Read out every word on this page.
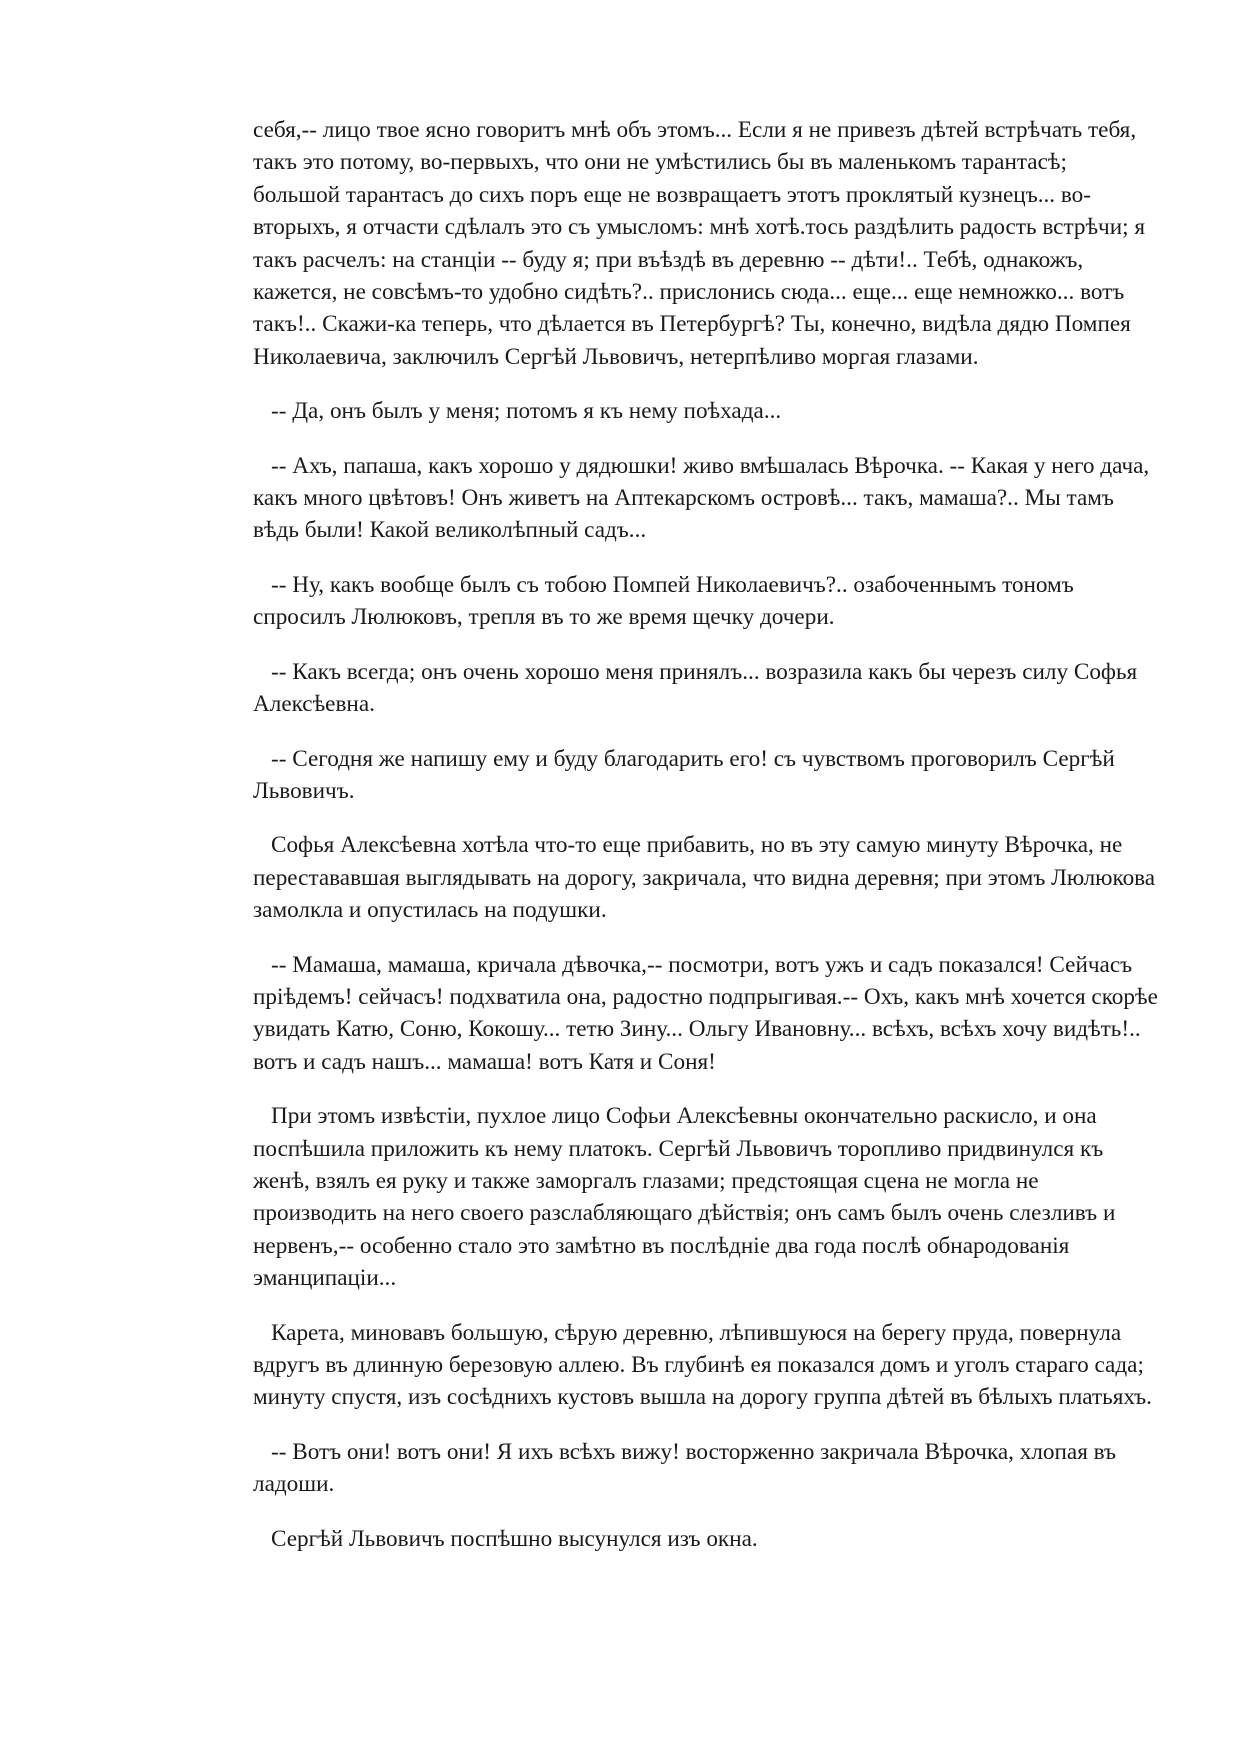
себя,-- лицо твое ясно говоритъ мнѣ объ этомъ... Если я не привезъ дѣтей встрѣчать тебя, такъ это потому, во-первыхъ, что они не умѣстились бы въ маленькомъ тарантасѣ; большой тарантасъ до сихъ поръ еще не возвращаетъ этотъ проклятый кузнецъ... во-вторыхъ, я отчасти сдѣлалъ это съ умысломъ: мнѣ хотѣ.тось раздѣлить радость встрѣчи; я такъ расчелъ: на станціи -- буду я; при въѣздѣ въ деревню -- дѣти!.. Тебѣ, однакожъ, кажется, не совсѣмъ-то удобно сидѣть?.. прислонись сюда... еще... еще немножко... вотъ такъ!.. Скажи-ка теперь, что дѣлается въ Петербургѣ? Ты, конечно, видѣла дядю Помпея Николаевича, заключилъ Сергѣй Львовичъ, нетерпѣливо моргая глазами.

-- Да, онъ былъ у меня; потомъ я къ нему поѣхада...

-- Ахъ, папаша, какъ хорошо у дядюшки! живо вмѣшалась Вѣрочка. -- Какая у него дача, какъ много цвѣтовъ! Онъ живетъ на Аптекарскомъ островѣ... такъ, мамаша?.. Мы тамъ вѣдь были! Какой великолѣпный садъ...

-- Ну, какъ вообще былъ съ тобою Помпей Николаевичъ?.. озабоченнымъ тономъ спросилъ Люлюковъ, трепля въ то же время щечку дочери.

-- Какъ всегда; онъ очень хорошо меня принялъ... возразила какъ бы черезъ силу Софья Алексѣевна.

-- Сегодня же напишу ему и буду благодарить его! съ чувствомъ проговорилъ Сергѣй Львовичъ.

Софья Алексѣевна хотѣла что-то еще прибавить, но въ эту самую минуту Вѣрочка, не перестававшая выглядывать на дорогу, закричала, что видна деревня; при этомъ Люлюкова замолкла и опустилась на подушки.

-- Мамаша, мамаша, кричала дѣвочка,-- посмотри, вотъ ужъ и садъ показался! Сейчасъ пріѣдемъ! сейчасъ! подхватила она, радостно подпрыгивая.-- Охъ, какъ мнѣ хочется скорѣе увидать Катю, Соню, Кокошу... тетю Зину... Ольгу Ивановну... всѣхъ, всѣхъ хочу видѣть!.. вотъ и садъ нашъ... мамаша! вотъ Катя и Соня!

При этомъ извѣстіи, пухлое лицо Софьи Алексѣевны окончательно раскисло, и она поспѣшила приложить къ нему платокъ. Сергѣй Львовичъ торопливо придвинулся къ женѣ, взялъ ея руку и также заморгалъ глазами; предстоящая сцена не могла не производить на него своего разслабляющаго дѣйствія; онъ самъ былъ очень слезливъ и нервенъ,-- особенно стало это замѣтно въ послѣдніе два года послѣ обнародованія эманципаціи...

Карета, миновавъ большую, сѣрую деревню, лѣпившуюся на берегу пруда, повернула вдругъ въ длинную березовую аллею. Въ глубинѣ ея показался домъ и уголъ стараго сада; минуту спустя, изъ сосѣднихъ кустовъ вышла на дорогу группа дѣтей въ бѣлыхъ платьяхъ.

-- Вотъ они! вотъ они! Я ихъ всѣхъ вижу! восторженно закричала Вѣрочка, хлопая въ ладоши.

Сергѣй Львовичъ поспѣшно высунулся изъ окна.
